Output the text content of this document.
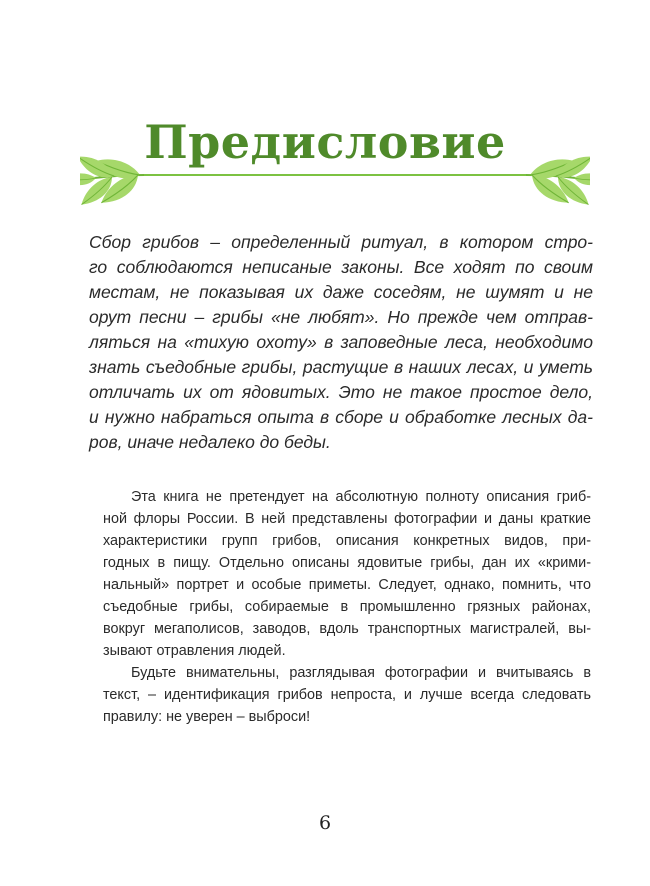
Предисловие
Сбор грибов – определенный ритуал, в котором стро-
го соблюдаются неписаные законы. Все ходят по своим
местам, не показывая их даже соседям, не шумят и не
орут песни – грибы «не любят». Но прежде чем отправ-
ляться на «тихую охоту» в заповедные леса, необходимо
знать съедобные грибы, растущие в наших лесах, и уметь
отличать их от ядовитых. Это не такое простое дело,
и нужно набраться опыта в сборе и обработке лесных да-
ров, иначе недалеко до беды.

Эта книга не претендует на абсолютную полноту описания гриб-
ной флоры России. В ней представлены фотографии и даны краткие
характеристики групп грибов, описания конкретных видов, при-
годных в пищу. Отдельно описаны ядовитые грибы, дан их «крими-
нальный» портрет и особые приметы. Следует, однако, помнить, что
съедобные грибы, собираемые в промышленно грязных районах,
вокруг мегаполисов, заводов, вдоль транспортных магистралей, вы-
зывают отравления людей.

Будьте внимательны, разглядывая фотографии и вчитываясь в
текст, – идентификация грибов непроста, и лучше всегда следовать
правилу: не уверен – выброси!

6
